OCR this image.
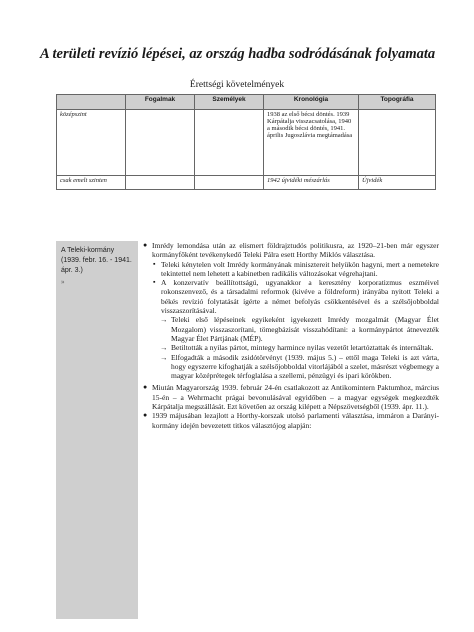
A területi revízió lépései, az ország hadba sodródásának folyamata
Érettségi követelmények
	Fogalmak	Személyek	Kronológia	Topográfia
középszint			1938 az első bécsi döntés. 1939 Kárpátalja visszacsatolása, 1940 a második bécsi döntés, 1941. április Jugoszlávia megtámadása	
csak emelt szinten			1942 újvidéki mészárlás	Újvidék
A Teleki-kormány (1939. febr. 16. - 1941. ápr. 3.)
»
● Imrédy lemondása után az elismert földrajztudós politikusra, az 1920–21-ben már egyszer kormányfőként tevékenykedő Teleki Pálra esett Horthy Miklós választása.
▪ Teleki kénytelen volt Imrédy kormányának minisztereit helyükön hagyni, mert a nemetekre tekintettel nem lehetett a kabinetben radikális változásokat végrehajtani.
▪ A konzervatív beállítottságú, ugyanakkor a keresztény korporatizmus eszméivel rokonszenvező, és a társadalmi reformok (kivéve a földreform) irányába nyitott Teleki a békés revízió folytatását ígérte a német befolyás csökkentésével és a szélsőjobboldal visszaszorításával.
→ Teleki első lépéseinek egyikeként igyekezett Imrédy mozgalmát (Magyar Élet Mozgalom) visszaszorítani, tömegbázisát visszahódítani: a kormánypártot átnevezték Magyar Élet Pártjának (MÉP).
→ Betiltották a nyilas pártot, mintegy harmince nyilas vezetőt letartóztattak és internáltak.
→ Elfogadták a második zsidótörvényt (1939. május 5.) – ettől maga Teleki is azt várta, hogy egyszerre kifoghatják a szélsőjobboldal vitorlájából a szelet, másrészt végbemegy a magyar középrétegek térfoglalása a szellemi, pénzügyi és ipari körökben.
● Miután Magyarország 1939. február 24-én csatlakozott az Antikomintern Paktumhoz, március 15-én – a Wehrmacht prágai bevonulásával egyidőben – a magyar egységek megkezdték Kárpátalja megszállását. Ezt követően az ország kilépett a Népszövetségből (1939. ápr. 11.).
● 1939 májusában lezajlott a Horthy-korszak utolsó parlamenti választása, immáron a Darányi-kormány idején bevezetett titkos választójog alapján:
